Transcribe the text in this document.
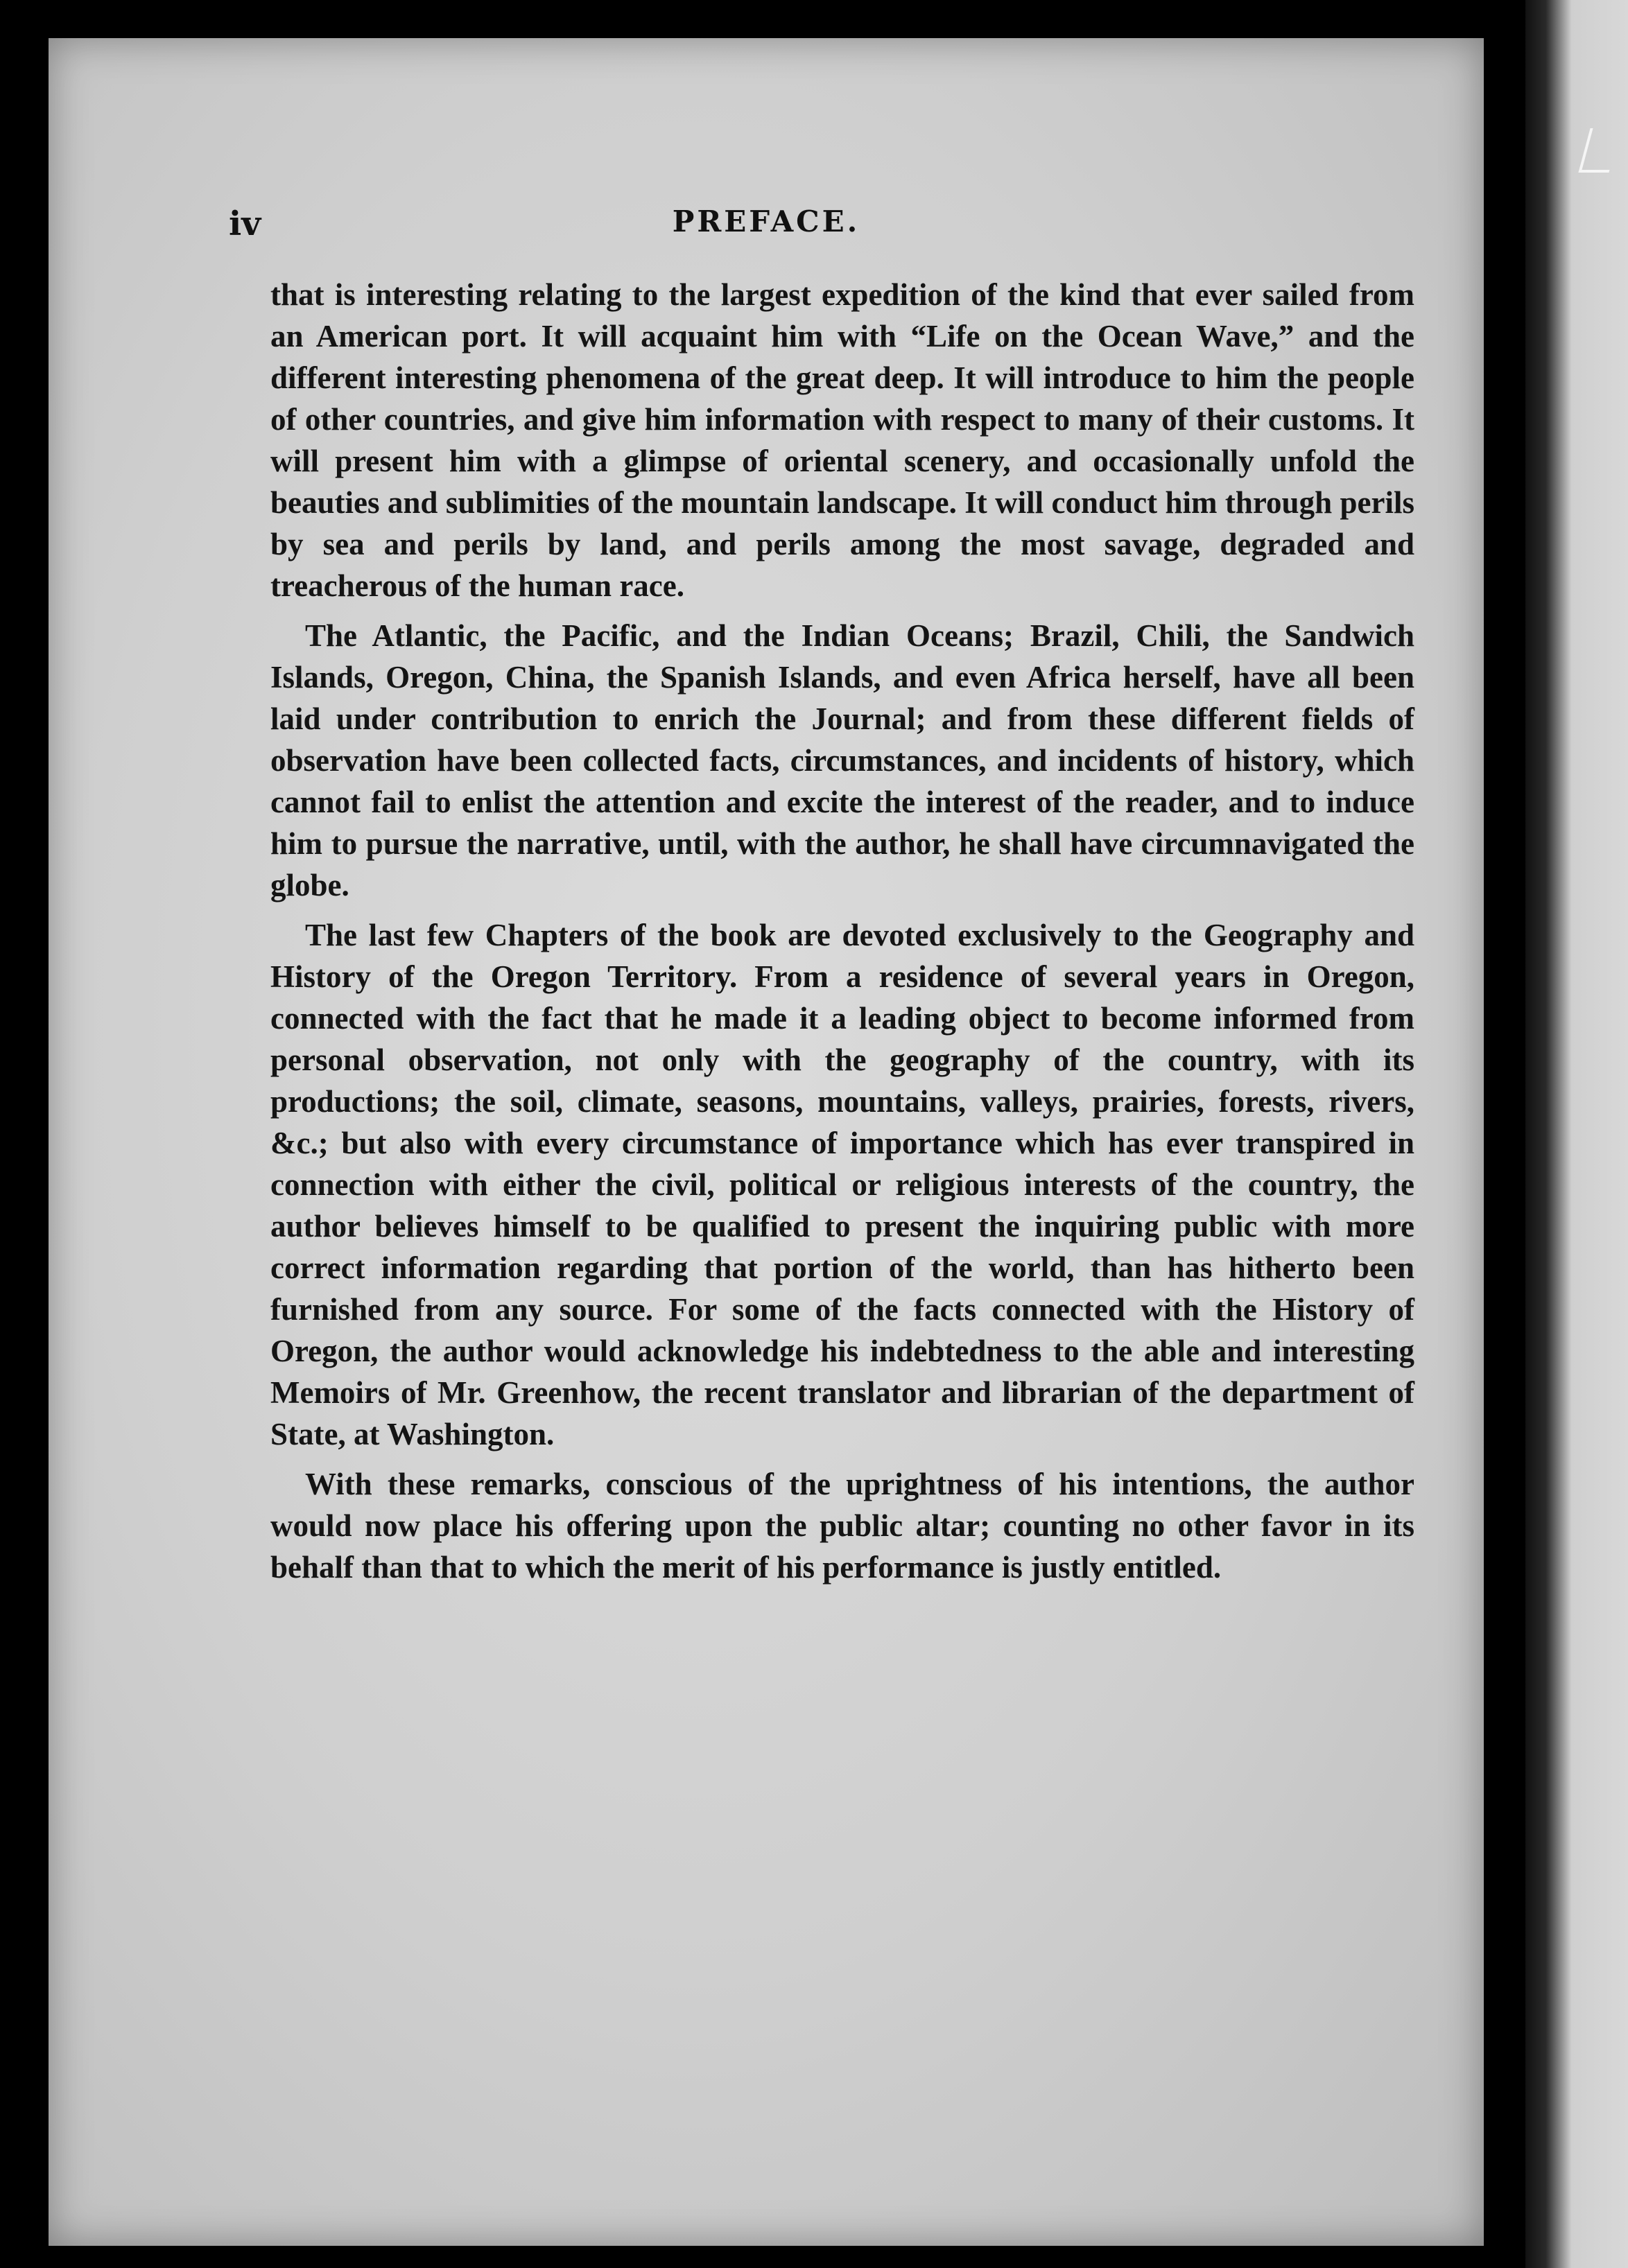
iv	PREFACE.

that is interesting relating to the largest expedition of the kind that ever sailed from an American port. It will acquaint him with “Life on the Ocean Wave,” and the different interesting phenomena of the great deep. It will introduce to him the people of other countries, and give him information with respect to many of their customs. It will present him with a glimpse of oriental scenery, and occasionally unfold the beauties and sublimities of the mountain landscape. It will conduct him through perils by sea and perils by land, and perils among the most savage, degraded and treacherous of the human race.

The Atlantic, the Pacific, and the Indian Oceans; Brazil, Chili, the Sandwich Islands, Oregon, China, the Spanish Islands, and even Africa herself, have all been laid under contribution to enrich the Journal; and from these different fields of observation have been collected facts, circumstances, and incidents of history, which cannot fail to enlist the attention and excite the interest of the reader, and to induce him to pursue the narrative, until, with the author, he shall have circumnavigated the globe.

The last few Chapters of the book are devoted exclusively to the Geography and History of the Oregon Territory. From a residence of several years in Oregon, connected with the fact that he made it a leading object to become informed from personal observation, not only with the geography of the country, with its productions; the soil, climate, seasons, mountains, valleys, prairies, forests, rivers, &c.; but also with every circumstance of importance which has ever transpired in connection with either the civil, political or religious interests of the country, the author believes himself to be qualified to present the inquiring public with more correct information regarding that portion of the world, than has hitherto been furnished from any source. For some of the facts connected with the History of Oregon, the author would acknowledge his indebtedness to the able and interesting Memoirs of Mr. Greenhow, the recent translator and librarian of the department of State, at Washington.

With these remarks, conscious of the uprightness of his intentions, the author would now place his offering upon the public altar; counting no other favor in its behalf than that to which the merit of his performance is justly entitled.
